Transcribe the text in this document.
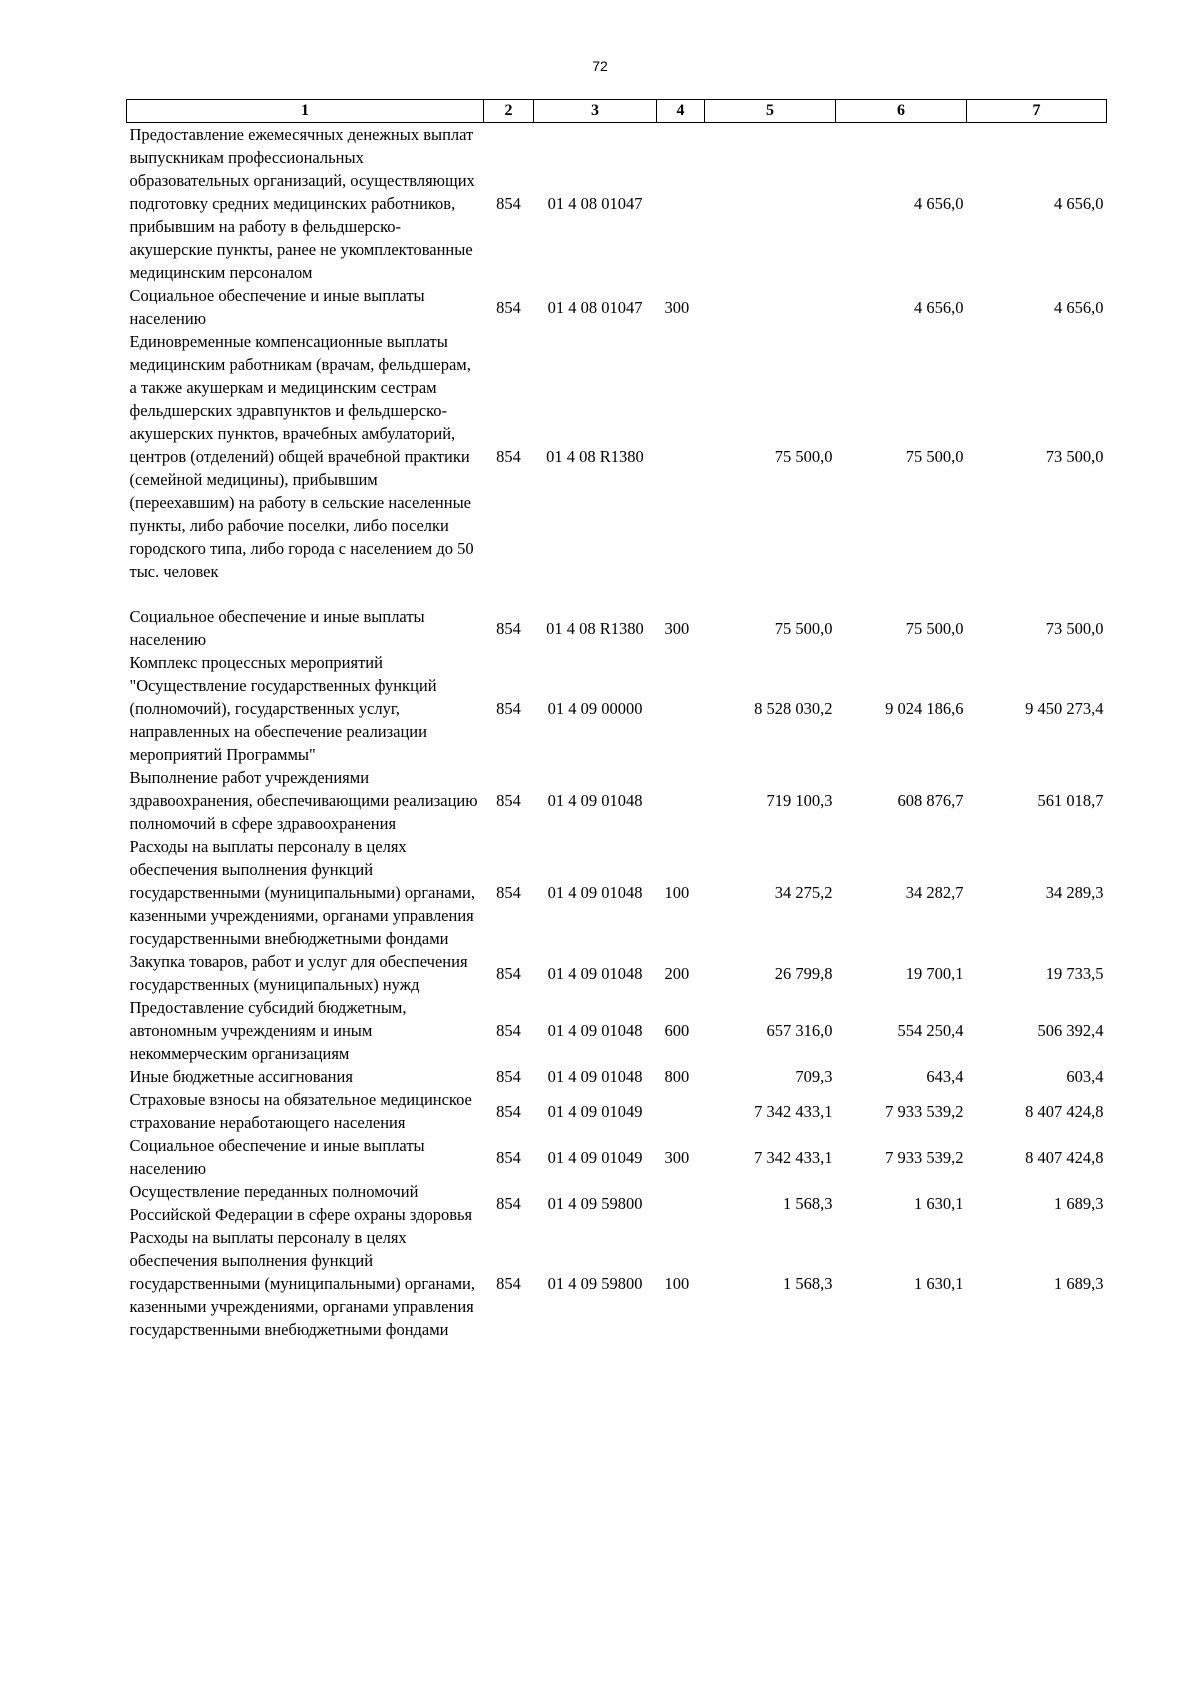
72
1	2	3	4	5	6	7
Предоставление ежемесячных денежных выплат выпускникам профессиональных образовательных организаций, осуществляющих подготовку средних медицинских работников, прибывшим на работу в фельдшерско-акушерские пункты, ранее не укомплектованные медицинским персоналом	854	01 4 08 01047			4 656,0	4 656,0
Социальное обеспечение и иные выплаты населению	854	01 4 08 01047	300		4 656,0	4 656,0
Единовременные компенсационные выплаты медицинским работникам (врачам, фельдшерам, а также акушеркам и медицинским сестрам фельдшерских здравпунктов и фельдшерско-акушерских пунктов, врачебных амбулаторий, центров (отделений) общей врачебной практики (семейной медицины), прибывшим (переехавшим) на работу в сельские населенные пункты, либо рабочие поселки, либо поселки городского типа, либо города с населением до 50 тыс. человек	854	01 4 08 R1380		75 500,0	75 500,0	73 500,0

Социальное обеспечение и иные выплаты населению	854	01 4 08 R1380	300	75 500,0	75 500,0	73 500,0
Комплекс процессных мероприятий "Осуществление государственных функций (полномочий), государственных услуг, направленных на обеспечение реализации мероприятий Программы"	854	01 4 09 00000		8 528 030,2	9 024 186,6	9 450 273,4
Выполнение работ учреждениями здравоохранения, обеспечивающими реализацию полномочий в сфере здравоохранения	854	01 4 09 01048		719 100,3	608 876,7	561 018,7
Расходы на выплаты персоналу в целях обеспечения выполнения функций государственными (муниципальными) органами, казенными учреждениями, органами управления государственными внебюджетными фондами	854	01 4 09 01048	100	34 275,2	34 282,7	34 289,3
Закупка товаров, работ и услуг для обеспечения государственных (муниципальных) нужд	854	01 4 09 01048	200	26 799,8	19 700,1	19 733,5
Предоставление субсидий бюджетным, автономным учреждениям и иным некоммерческим организациям	854	01 4 09 01048	600	657 316,0	554 250,4	506 392,4
Иные бюджетные ассигнования	854	01 4 09 01048	800	709,3	643,4	603,4
Страховые взносы на обязательное медицинское страхование неработающего населения	854	01 4 09 01049		7 342 433,1	7 933 539,2	8 407 424,8
Социальное обеспечение и иные выплаты населению	854	01 4 09 01049	300	7 342 433,1	7 933 539,2	8 407 424,8
Осуществление переданных полномочий Российской Федерации в сфере охраны здоровья	854	01 4 09 59800		1 568,3	1 630,1	1 689,3
Расходы на выплаты персоналу в целях обеспечения выполнения функций государственными (муниципальными) органами, казенными учреждениями, органами управления государственными внебюджетными фондами	854	01 4 09 59800	100	1 568,3	1 630,1	1 689,3
